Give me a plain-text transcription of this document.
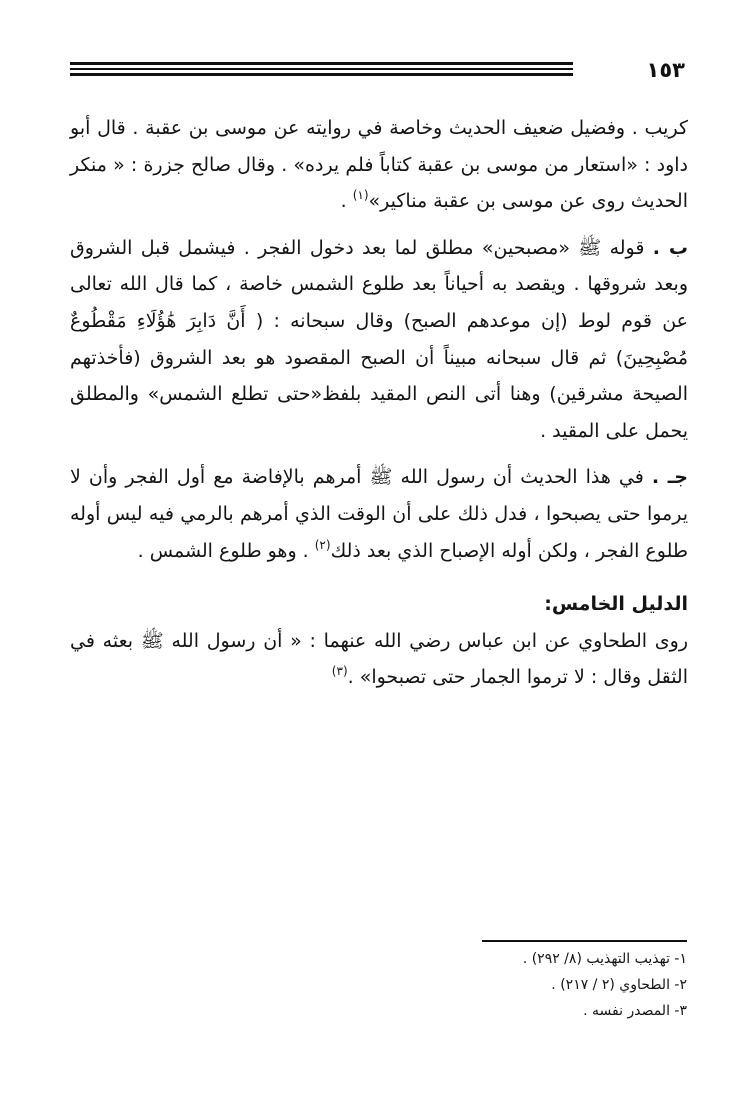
١٥٣

كريب . وفضيل ضعيف الحديث وخاصة في روايته عن موسى بن عقبة . قال أبو داود : «استعار من موسى بن عقبة كتاباً فلم يرده» . وقال صالح جزرة : « منكر الحديث روى عن موسى بن عقبة مناكير»$^{(١)}$ .

ب . قوله ﷺ «مصبحين» مطلق لما بعد دخول الفجر . فيشمل قبل الشروق وبعد شروقها . ويقصد به أحياناً بعد طلوع الشمس خاصة ، كما قال الله تعالى عن قوم لوط (إن موعدهم الصبح) وقال سبحانه : ( أَنَّ دَابِرَ هَٰؤُلَاءِ مَقْطُوعٌ مُصْبِحِينَ) ثم قال سبحانه مبيناً أن الصبح المقصود هو بعد الشروق (فأخذتهم الصيحة مشرقين) وهنا أتى النص المقيد بلفظ«حتى تطلع الشمس» والمطلق يحمل على المقيد .

جـ . في هذا الحديث أن رسول الله ﷺ أمرهم بالإفاضة مع أول الفجر وأن لا يرموا حتى يصبحوا ، فدل ذلك على أن الوقت الذي أمرهم بالرمي فيه ليس أوله طلوع الفجر ، ولكن أوله الإصباح الذي بعد ذلك$^{(٢)}$ . وهو طلوع الشمس .

الدليل الخامس:

روى الطحاوي عن ابن عباس رضي الله عنهما : « أن رسول الله ﷺ بعثه في الثقل وقال : لا ترموا الجمار حتى تصبحوا» .$^{(٣)}$

١- تهذيب التهذيب (٨/ ٢٩٢) .
٢- الطحاوي (٢ / ٢١٧) .
٣- المصدر نفسه .
